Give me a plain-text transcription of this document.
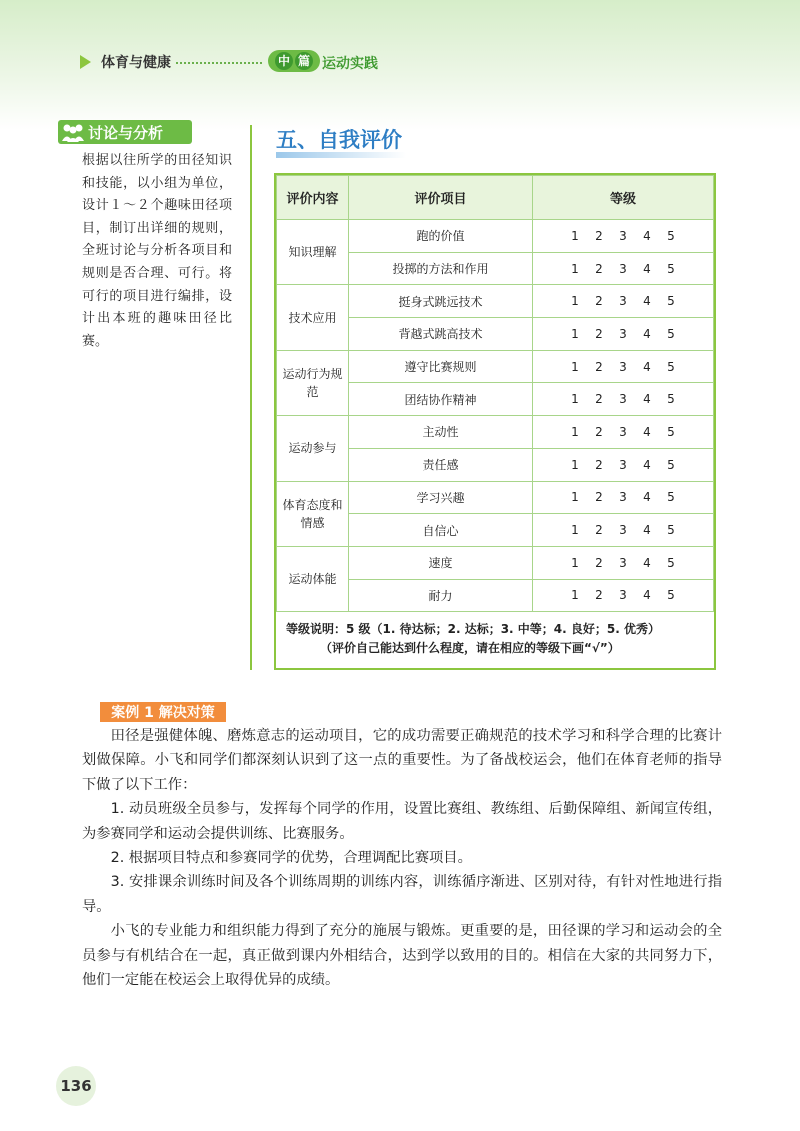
体育与健康	中 篇 运动实践
讨论与分析
根据以往所学的田径知识和技能，以小组为单位，设计１～２个趣味田径项目，制订出详细的规则，全班讨论与分析各项目和规则是否合理、可行。将可行的项目进行编排，设计出本班的趣味田径比赛。
五、自我评价
评价内容	评价项目	等级
知识理解	跑的价值	1 2 3 4 5
	投掷的方法和作用	1 2 3 4 5
技术应用	挺身式跳远技术	1 2 3 4 5
	背越式跳高技术	1 2 3 4 5
运动行为规范	遵守比赛规则	1 2 3 4 5
	团结协作精神	1 2 3 4 5
运动参与	主动性	1 2 3 4 5
	责任感	1 2 3 4 5
体育态度和情感	学习兴趣	1 2 3 4 5
	自信心	1 2 3 4 5
运动体能	速度	1 2 3 4 5
	耐力	1 2 3 4 5
等级说明：5 级（1. 待达标；2. 达标；3. 中等；4. 良好；5. 优秀）
（评价自己能达到什么程度，请在相应的等级下画“√”）
案例 1 解决对策

田径是强健体魄、磨炼意志的运动项目，它的成功需要正确规范的技术学习和科学合理的比赛计划做保障。小飞和同学们都深刻认识到了这一点的重要性。为了备战校运会，他们在体育老师的指导下做了以下工作：

1. 动员班级全员参与，发挥每个同学的作用，设置比赛组、教练组、后勤保障组、新闻宣传组，为参赛同学和运动会提供训练、比赛服务。

2. 根据项目特点和参赛同学的优势，合理调配比赛项目。

3. 安排课余训练时间及各个训练周期的训练内容，训练循序渐进、区别对待，有针对性地进行指导。

小飞的专业能力和组织能力得到了充分的施展与锻炼。更重要的是，田径课的学习和运动会的全员参与有机结合在一起，真正做到课内外相结合，达到学以致用的目的。相信在大家的共同努力下，他们一定能在校运会上取得优异的成绩。

136
